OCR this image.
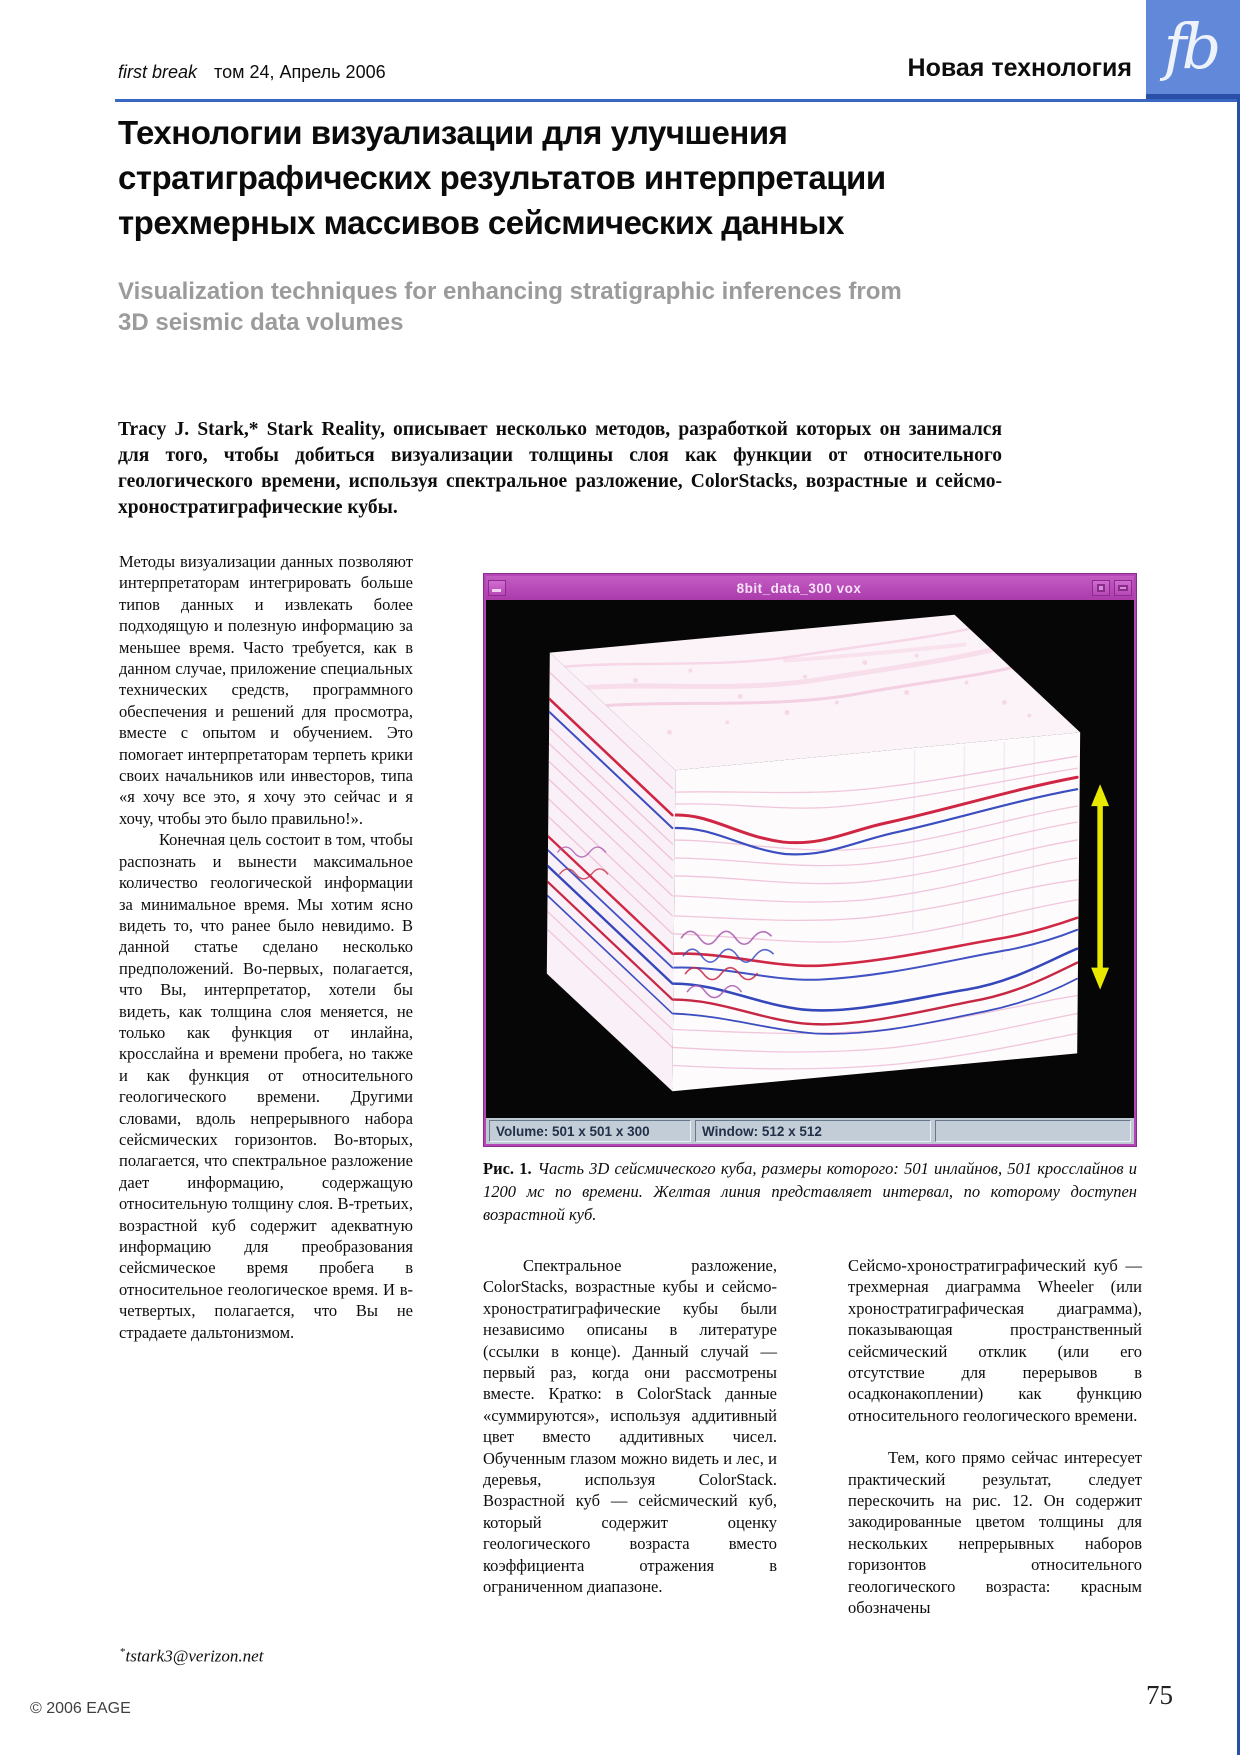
first break том 24, Апрель 2006	Новая технология fb
Технологии визуализации для улучшения
стратиграфических результатов интерпретации
трехмерных массивов сейсмических данных
Visualization techniques for enhancing stratigraphic inferences from
3D seismic data volumes

Tracy J. Stark,* Stark Reality, описывает несколько методов, разработкой которых он занимался для того, чтобы добиться визуализации толщины слоя как функции от относительного геологического времени, используя спектральное разложение, ColorStacks, возрастные и сейсмо-хроностратиграфические кубы.

Методы визуализации данных позволяют интерпретаторам интегрировать больше типов данных и извлекать более подходящую и полезную информацию за меньшее время. Часто требуется, как в данном случае, приложение специальных технических средств, программного обеспечения и решений для просмотра, вместе с опытом и обучением. Это помогает интерпретаторам терпеть крики своих начальников или инвесторов, типа «я хочу все это, я хочу это сейчас и я хочу, чтобы это было правильно!».

Конечная цель состоит в том, чтобы распознать и вынести максимальное количество геологической информации за минимальное время. Мы хотим ясно видеть то, что ранее было невидимо. В данной статье сделано несколько предположений. Во-первых, полагается, что Вы, интерпретатор, хотели бы видеть, как толщина слоя меняется, не только как функция от инлайна, кросслайна и времени пробега, но также и как функция от относительного геологического времени. Другими словами, вдоль непрерывного набора сейсмических горизонтов. Во-вторых, полагается, что спектральное разложение дает информацию, содержащую относительную толщину слоя. В-третьих, возрастной куб содержит адекватную информацию для преобразования сейсмическое время пробега в относительное геологическое время. И в-четвертых, полагается, что Вы не страдаете дальтонизмом.

8bit_data_300 vox
Volume: 501 x 501 x 300	Window: 512 x 512

Рис. 1. Часть 3D сейсмического куба, размеры которого: 501 инлайнов, 501 кросслайнов и 1200 мс по времени. Желтая линия представляет интервал, по которому доступен возрастной куб.

Спектральное разложение, ColorStacks, возрастные кубы и сейсмо-хроностратиграфические кубы были независимо описаны в литературе (ссылки в конце). Данный случай — первый раз, когда они рассмотрены вместе. Кратко: в ColorStack данные «суммируются», используя аддитивный цвет вместо аддитивных чисел. Обученным глазом можно видеть и лес, и деревья, используя ColorStack. Возрастной куб — сейсмический куб, который содержит оценку геологического возраста вместо коэффициента отражения в ограниченном диапазоне.

Сейсмо-хроностратиграфический куб — трехмерная диаграмма Wheeler (или хроностратиграфическая диаграмма), показывающая пространственный сейсмический отклик (или его отсутствие для перерывов в осадконакоплении) как функцию относительного геологического времени.

Тем, кого прямо сейчас интересует практический результат, следует перескочить на рис. 12. Он содержит закодированные цветом толщины для нескольких непрерывных наборов горизонтов относительного геологического возраста: красным обозначены

*tstark3@verizon.net
© 2006 EAGE	75
